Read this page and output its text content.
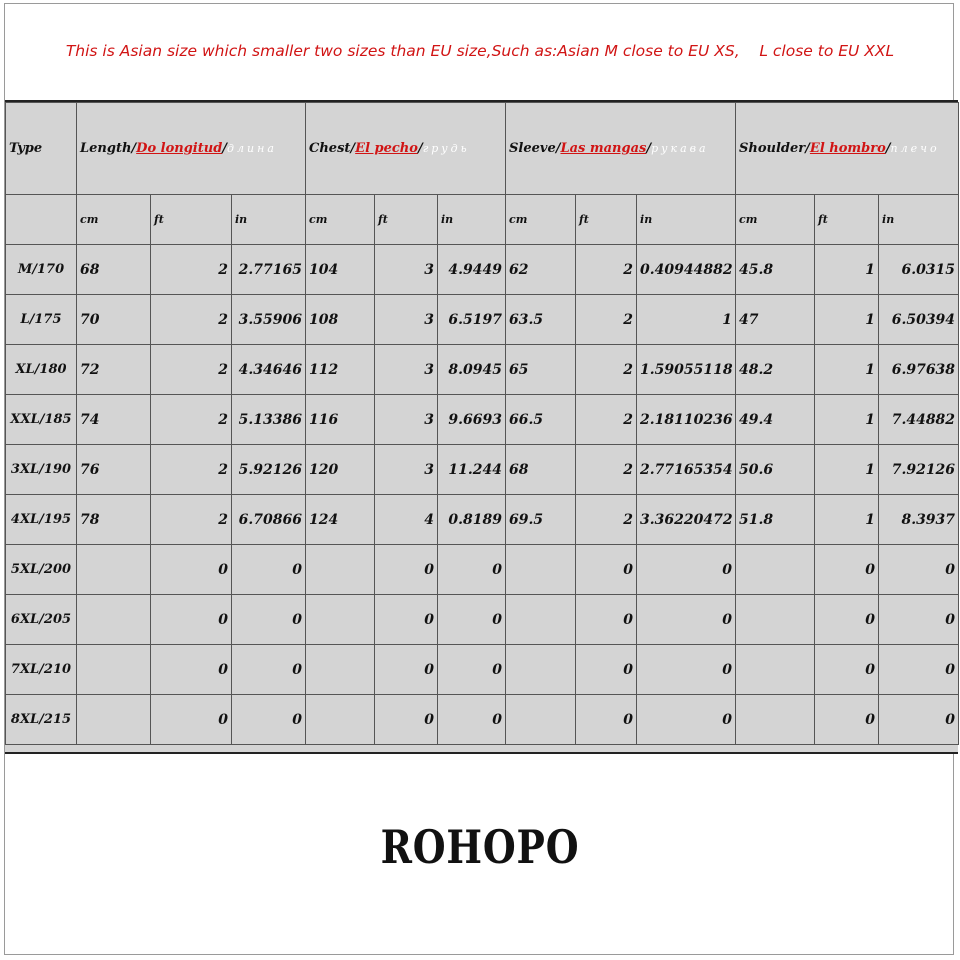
This is Asian size which smaller two sizes than EU size,Such as:Asian M close to EU XS,    L close to EU XXL
Type	Length/Do longitud/длина			Chest/El pecho/грудь			Sleeve/Las mangas/рукава			Shoulder/El hombro/плечо		
	cm	ft	in	cm	ft	in	cm	ft	in	cm	ft	in
M/170	68	2	2.77165	104	3	4.9449	62	2	0.40944882	45.8	1	6.0315
L/175	70	2	3.55906	108	3	6.5197	63.5	2	1	47	1	6.50394
XL/180	72	2	4.34646	112	3	8.0945	65	2	1.59055118	48.2	1	6.97638
XXL/185	74	2	5.13386	116	3	9.6693	66.5	2	2.18110236	49.4	1	7.44882
3XL/190	76	2	5.92126	120	3	11.244	68	2	2.77165354	50.6	1	7.92126
4XL/195	78	2	6.70866	124	4	0.8189	69.5	2	3.36220472	51.8	1	8.3937
5XL/200		0	0		0	0		0	0		0	0
6XL/205		0	0		0	0		0	0		0	0
7XL/210		0	0		0	0		0	0		0	0
8XL/215		0	0		0	0		0	0		0	0
ROHOPO
